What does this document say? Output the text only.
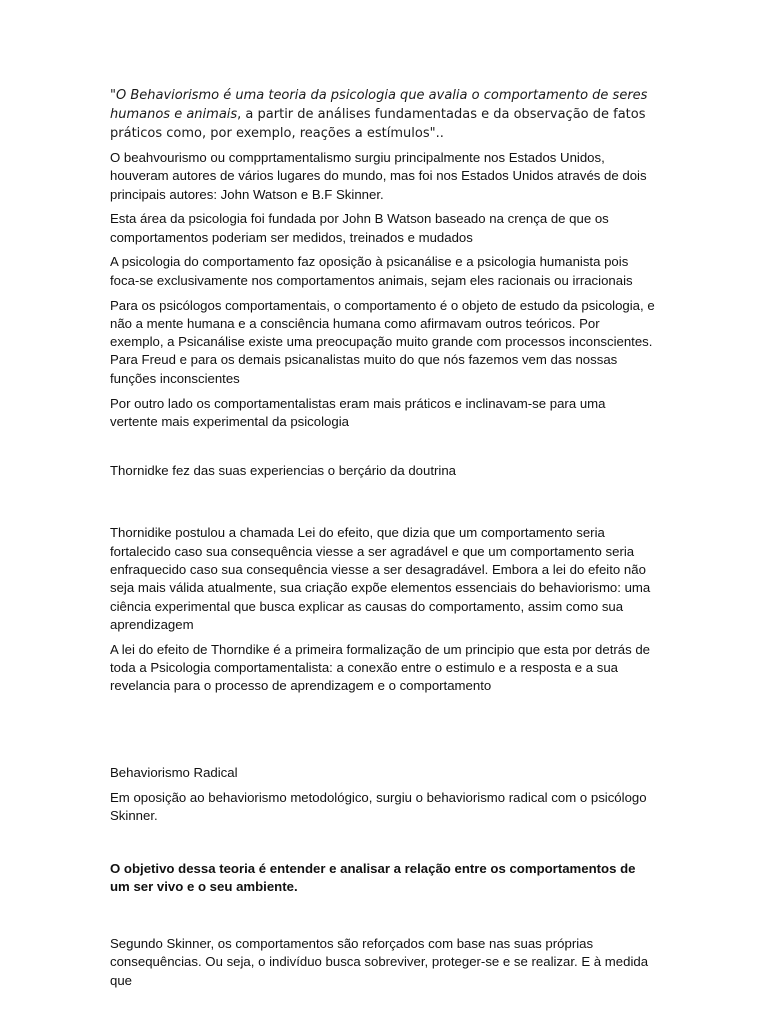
"O Behaviorismo é uma teoria da psicologia que avalia o comportamento de seres humanos e animais, a partir de análises fundamentadas e da observação de fatos práticos como, por exemplo, reações a estímulos"..

O beahvourismo ou compprtamentalismo surgiu principalmente nos Estados Unidos, houveram autores de vários lugares do mundo, mas foi nos Estados Unidos através de dois principais autores: John Watson e B.F Skinner.

Esta área da psicologia foi fundada por John B Watson baseado na crença de que os comportamentos poderiam ser medidos, treinados e mudados

A psicologia do comportamento faz oposição à psicanálise e a psicologia humanista pois foca-se exclusivamente nos comportamentos animais, sejam eles racionais ou irracionais

Para os psicólogos comportamentais, o comportamento é o objeto de estudo da psicologia, e não a mente humana e a consciência humana como afirmavam outros teóricos. Por exemplo, a Psicanálise existe uma preocupação muito grande com processos inconscientes. Para Freud e para os demais psicanalistas muito do que nós fazemos vem das nossas funções inconscientes

Por outro lado os comportamentalistas eram mais práticos e inclinavam-se para uma vertente mais experimental da psicologia

Thornidke fez das suas experiencias o berçário da doutrina

Thornidike postulou a chamada Lei do efeito, que dizia que um comportamento seria fortalecido caso sua consequência viesse a ser agradável e que um comportamento seria enfraquecido caso sua consequência viesse a ser desagradável. Embora a lei do efeito não seja mais válida atualmente, sua criação expõe elementos essenciais do behaviorismo: uma ciência experimental que busca explicar as causas do comportamento, assim como sua aprendizagem

A lei do efeito de Thorndike é a primeira formalização de um principio que esta por detrás de toda a Psicologia comportamentalista: a conexão entre o estimulo e a resposta e a sua revelancia para o processo de aprendizagem e o comportamento

Behaviorismo Radical

Em oposição ao behaviorismo metodológico, surgiu o behaviorismo radical com o psicólogo Skinner.

O objetivo dessa teoria é entender e analisar a relação entre os comportamentos de um ser vivo e o seu ambiente.

Segundo Skinner, os comportamentos são reforçados com base nas suas próprias consequências. Ou seja, o indivíduo busca sobreviver, proteger-se e se realizar. E à medida que
